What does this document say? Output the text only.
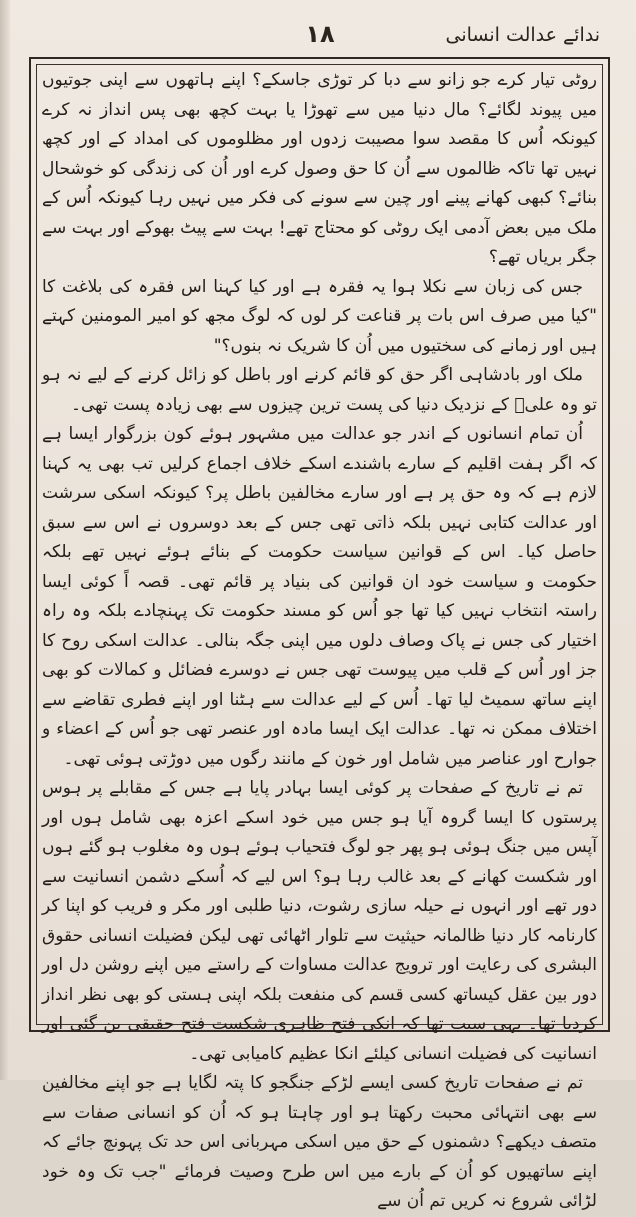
ندائے عدالت انسانی
١٨

روٹی تیار کرے جو زانو سے دبا کر توڑی جاسکے؟ اپنے ہاتھوں سے اپنی جوتیوں میں پیوند لگائے؟ مال دنیا میں سے تھوڑا یا بہت کچھ بھی پس انداز نہ کرے کیونکہ اُس کا مقصد سوا مصیبت زدوں اور مظلوموں کی امداد کے اور کچھ نہیں تھا تاکہ ظالموں سے اُن کا حق وصول کرے اور اُن کی زندگی کو خوشحال بنائے؟ کبھی کھانے پینے اور چین سے سونے کی فکر میں نہیں رہا کیونکہ اُس کے ملک میں بعض آدمی ایک روٹی کو محتاج تھے! بہت سے پیٹ بھوکے اور بہت سے جگر بریاں تھے؟

جس کی زبان سے نکلا ہوا یہ فقرہ ہے اور کیا کہنا اس فقرہ کی بلاغت کا "کیا میں صرف اس بات پر قناعت کر لوں کہ لوگ مجھ کو امیر المومنین کہتے ہیں اور زمانے کی سختیوں میں اُن کا شریک نہ بنوں؟"

ملک اور بادشاہی اگر حق کو قائم کرنے اور باطل کو زائل کرنے کے لیے نہ ہو تو وہ علیؑ کے نزدیک دنیا کی پست ترین چیزوں سے بھی زیادہ پست تھی۔

اُن تمام انسانوں کے اندر جو عدالت میں مشہور ہوئے کون بزرگوار ایسا ہے کہ اگر ہفت اقلیم کے سارے باشندے اسکے خلاف اجماع کرلیں تب بھی یہ کہنا لازم ہے کہ وہ حق پر ہے اور سارے مخالفین باطل پر؟ کیونکہ اسکی سرشت اور عدالت کتابی نہیں بلکہ ذاتی تھی جس کے بعد دوسروں نے اس سے سبق حاصل کیا۔ اس کے قوانین سیاست حکومت کے بنائے ہوئے نہیں تھے بلکہ حکومت و سیاست خود ان قوانین کی بنیاد پر قائم تھی۔ قصہ اً کوئی ایسا راستہ انتخاب نہیں کیا تھا جو اُس کو مسند حکومت تک پہنچادے بلکہ وہ راہ اختیار کی جس نے پاک وصاف دلوں میں اپنی جگہ بنالی۔ عدالت اسکی روح کا جز اور اُس کے قلب میں پیوست تھی جس نے دوسرے فضائل و کمالات کو بھی اپنے ساتھ سمیٹ لیا تھا۔ اُس کے لیے عدالت سے ہٹنا اور اپنے فطری تقاضے سے اختلاف ممکن نہ تھا۔ عدالت ایک ایسا مادہ اور عنصر تھی جو اُس کے اعضاء و جوارح اور عناصر میں شامل اور خون کے مانند رگوں میں دوڑتی ہوئی تھی۔

تم نے تاریخ کے صفحات پر کوئی ایسا بہادر پایا ہے جس کے مقابلے پر ہوس پرستوں کا ایسا گروہ آیا ہو جس میں خود اسکے اعزہ بھی شامل ہوں اور آپس میں جنگ ہوئی ہو پھر جو لوگ فتحیاب ہوئے ہوں وہ مغلوب ہو گئے ہوں اور شکست کھانے کے بعد غالب رہا ہو؟ اس لیے کہ اُسکے دشمن انسانیت سے دور تھے اور انہوں نے حیلہ سازی رشوت، دنیا طلبی اور مکر و فریب کو اپنا کر کارنامہ کار دنیا ظالمانہ حیثیت سے تلوار اٹھائی تھی لیکن فضیلت انسانی حقوق البشری کی رعایت اور ترویج عدالت مساوات کے راستے میں اپنے روشن دل اور دور بین عقل کیساتھ کسی قسم کی منفعت بلکہ اپنی ہستی کو بھی نظر انداز کردیا تھا۔ یہی سبب تھا کہ انکی فتح ظاہری شکست فتح حقیقی بن گئی اور انسانیت کی فضیلت انسانی کیلئے انکا عظیم کامیابی تھی۔

تم نے صفحات تاریخ کسی ایسے لڑکے جنگجو کا پتہ لگایا ہے جو اپنے مخالفین سے بھی انتہائی محبت رکھتا ہو اور چاہتا ہو کہ اُن کو انسانی صفات سے متصف دیکھے؟ دشمنوں کے حق میں اسکی مہربانی اس حد تک پہونچ جائے کہ اپنے ساتھیوں کو اُن کے بارے میں اس طرح وصیت فرمائے "جب تک وہ خود لڑائی شروع نہ کریں تم اُن سے
